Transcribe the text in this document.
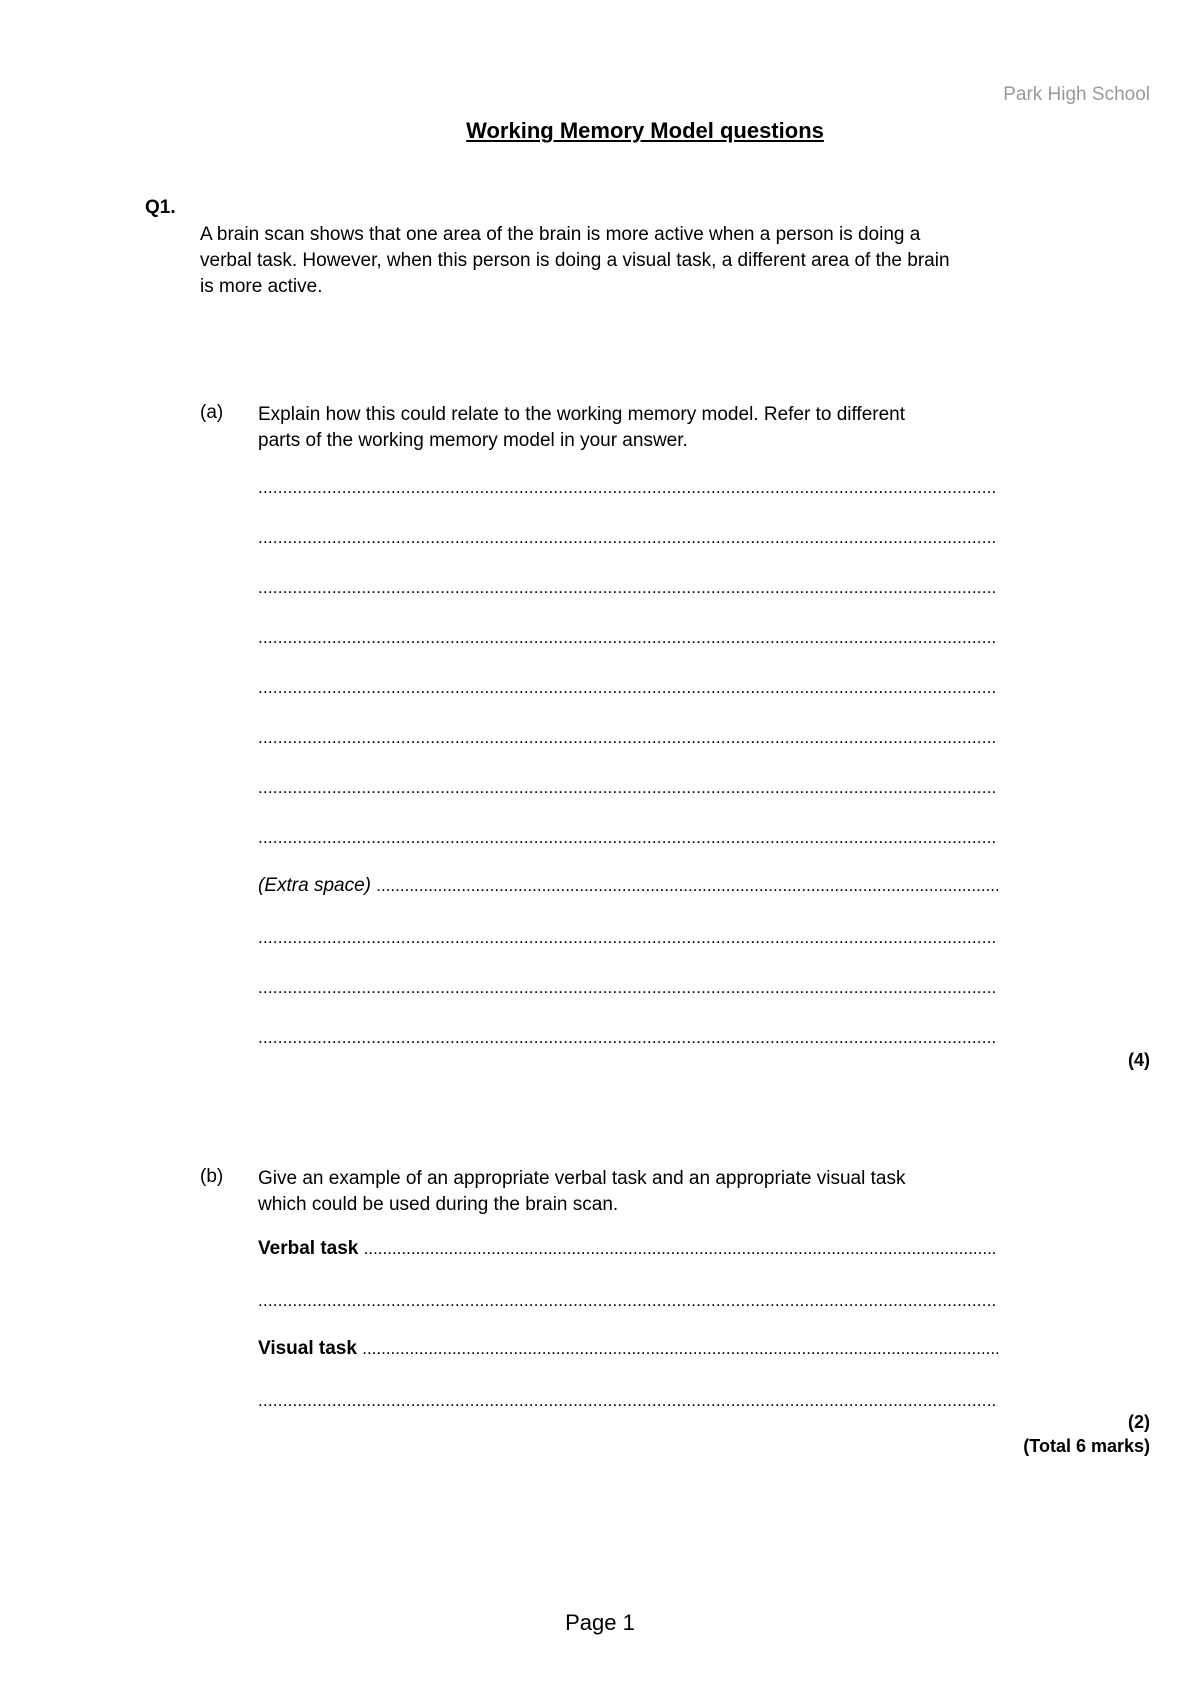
Park High School
Working Memory Model questions
Q1.

A brain scan shows that one area of the brain is more active when a person is doing a

verbal task. However, when this person is doing a visual task, a different area of the brain

is more active.

(a) Explain how this could relate to the working memory model. Refer to different

parts of the working memory model in your answer.

.....
.....
.....
.....
.....
.....
.....
.....
(Extra space) .....
.....
.....
.....
(4)
(b) Give an example of an appropriate verbal task and an appropriate visual task

which could be used during the brain scan.

Verbal task .....
.....
Visual task .....
.....
(2)
(Total 6 marks)
Page 1
